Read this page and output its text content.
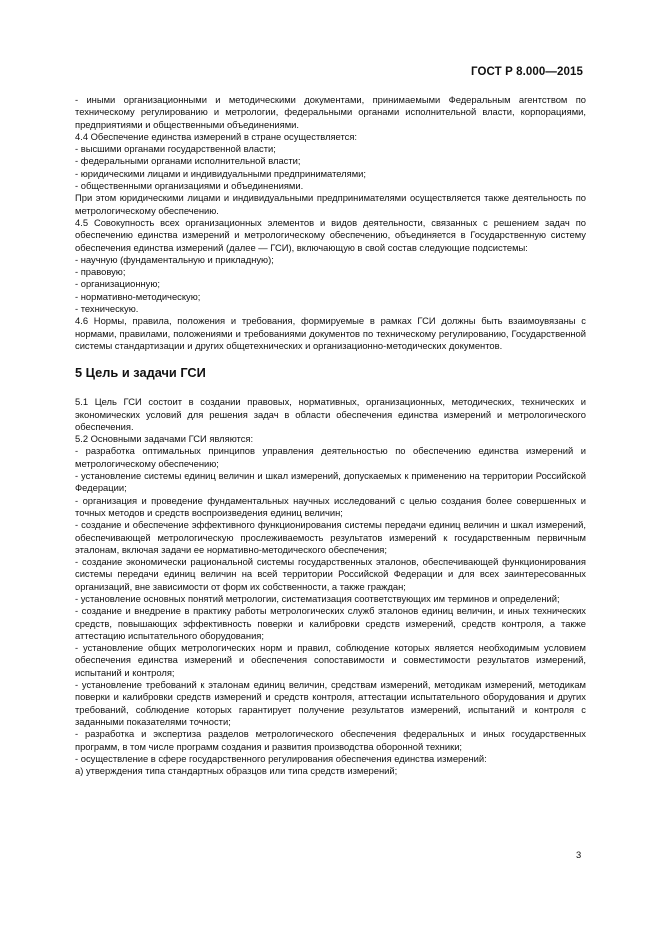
ГОСТ Р 8.000—2015

- иными организационными и методическими документами, принимаемыми Федеральным агентством по техническому регулированию и метрологии, федеральными органами исполнительной власти, корпорациями, предприятиями и общественными объединениями.

4.4 Обеспечение единства измерений в стране осуществляется:

- высшими органами государственной власти;

- федеральными органами исполнительной власти;

- юридическими лицами и индивидуальными предпринимателями;

- общественными организациями и объединениями.

При этом юридическими лицами и индивидуальными предпринимателями осуществляется также деятельность по метрологическому обеспечению.

4.5 Совокупность всех организационных элементов и видов деятельности, связанных с решением задач по обеспечению единства измерений и метрологическому обеспечению, объединяется в Государственную систему обеспечения единства измерений (далее — ГСИ), включающую в свой состав следующие подсистемы:

- научную (фундаментальную и прикладную);

- правовую;

- организационную;

- нормативно-методическую;

- техническую.

4.6 Нормы, правила, положения и требования, формируемые в рамках ГСИ должны быть взаимоувязаны с нормами, правилами, положениями и требованиями документов по техническому регулированию, Государственной системы стандартизации и других общетехнических и организационно-методических документов.

5 Цель и задачи ГСИ

5.1 Цель ГСИ состоит в создании правовых, нормативных, организационных, методических, технических и экономических условий для решения задач в области обеспечения единства измерений и метрологического обеспечения.

5.2 Основными задачами ГСИ являются:

- разработка оптимальных принципов управления деятельностью по обеспечению единства измерений и метрологическому обеспечению;

- установление системы единиц величин и шкал измерений, допускаемых к применению на территории Российской Федерации;

- организация и проведение фундаментальных научных исследований с целью создания более совершенных и точных методов и средств воспроизведения единиц величин;

- создание и обеспечение эффективного функционирования системы передачи единиц величин и шкал измерений, обеспечивающей метрологическую прослеживаемость результатов измерений к государственным первичным эталонам, включая задачи ее нормативно-методического обеспечения;

- создание экономически рациональной системы государственных эталонов, обеспечивающей функционирования системы передачи единиц величин на всей территории Российской Федерации и для всех заинтересованных организаций, вне зависимости от форм их собственности, а также граждан;

- установление основных понятий метрологии, систематизация соответствующих им терминов и определений;

- создание и внедрение в практику работы метрологических служб эталонов единиц величин, и иных технических средств, повышающих эффективность поверки и калибровки средств измерений, средств контроля, а также аттестацию испытательного оборудования;

- установление общих метрологических норм и правил, соблюдение которых является необходимым условием обеспечения единства измерений и обеспечения сопоставимости и совместимости результатов измерений, испытаний и контроля;

- установление требований к эталонам единиц величин, средствам измерений, методикам измерений, методикам поверки и калибровки средств измерений и средств контроля, аттестации испытательного оборудования и других требований, соблюдение которых гарантирует получение результатов измерений, испытаний и контроля с заданными показателями точности;

- разработка и экспертиза разделов метрологического обеспечения федеральных и иных государственных программ, в том числе программ создания и развития производства оборонной техники;

- осуществление в сфере государственного регулирования обеспечения единства измерений:

а) утверждения типа стандартных образцов или типа средств измерений;

3
